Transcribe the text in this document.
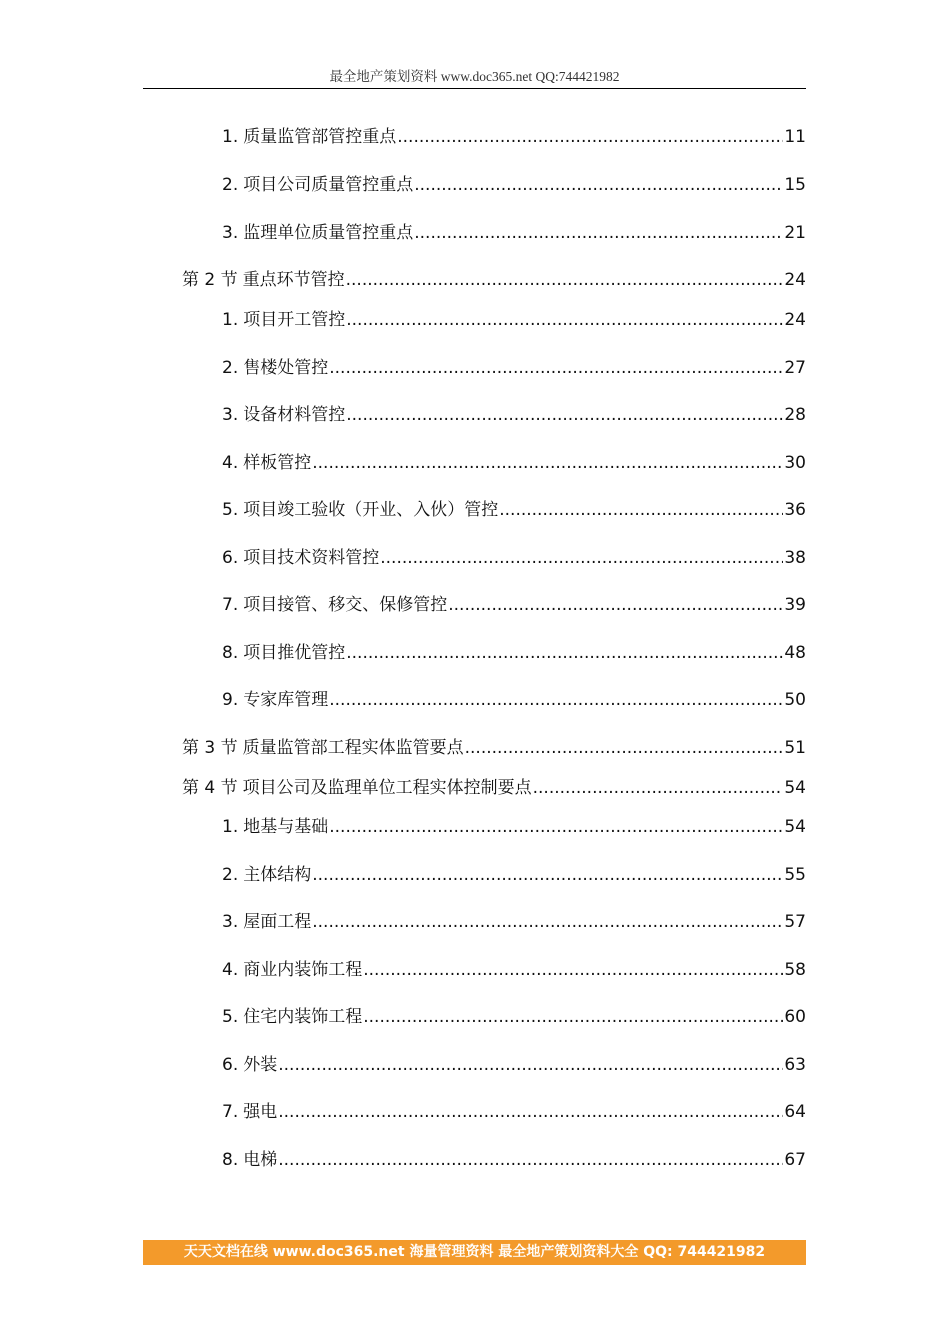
最全地产策划资料 www.doc365.net QQ:744421982
1. 质量监管部管控重点 .....	11
2. 项目公司质量管控重点 .....	15
3. 监理单位质量管控重点 .....	21
第 2 节 重点环节管控 .....	24
1. 项目开工管控 .....	24
2. 售楼处管控 .....	27
3. 设备材料管控 .....	28
4. 样板管控 .....	30
5. 项目竣工验收（开业、入伙）管控 .....	36
6. 项目技术资料管控 .....	38
7. 项目接管、移交、保修管控 .....	39
8. 项目推优管控 .....	48
9. 专家库管理 .....	50
第 3 节 质量监管部工程实体监管要点 .....	51
第 4 节 项目公司及监理单位工程实体控制要点 .....	54
1. 地基与基础 .....	54
2. 主体结构 .....	55
3. 屋面工程 .....	57
4. 商业内装饰工程 .....	58
5. 住宅内装饰工程 .....	60
6. 外装 .....	63
7. 强电 .....	64
8. 电梯 .....	67
天天文档在线 www.doc365.net 海量管理资料 最全地产策划资料大全 QQ: 744421982
